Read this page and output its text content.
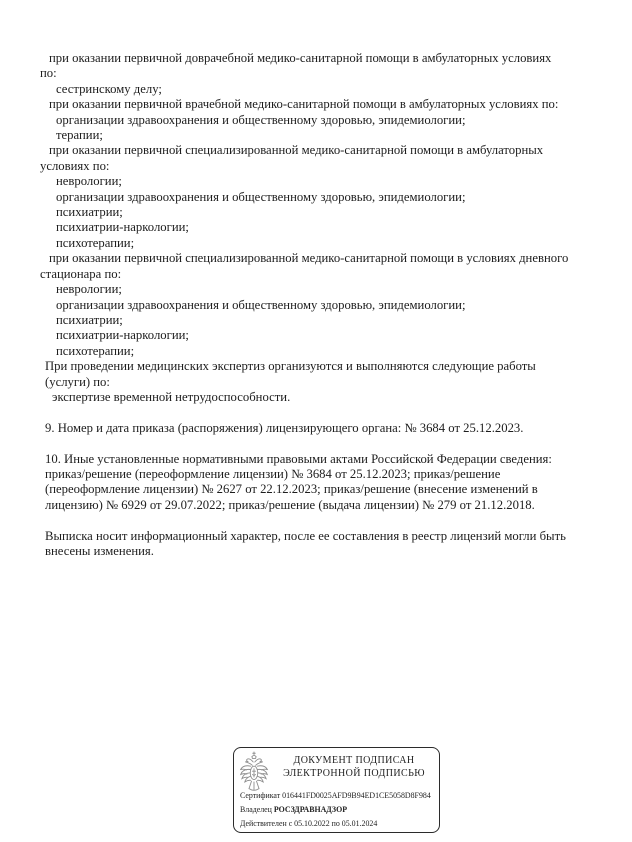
при оказании первичной доврачебной медико-санитарной помощи в амбулаторных условиях
по:
сестринскому делу;
при оказании первичной врачебной медико-санитарной помощи в амбулаторных условиях по:
организации здравоохранения и общественному здоровью, эпидемиологии;
терапии;
при оказании первичной специализированной медико-санитарной помощи в амбулаторных
условиях по:
неврологии;
организации здравоохранения и общественному здоровью, эпидемиологии;
психиатрии;
психиатрии-наркологии;
психотерапии;
при оказании первичной специализированной медико-санитарной помощи в условиях дневного
стационара по:
неврологии;
организации здравоохранения и общественному здоровью, эпидемиологии;
психиатрии;
психиатрии-наркологии;
психотерапии;
При проведении медицинских экспертиз организуются и выполняются следующие работы
(услуги) по:
экспертизе временной нетрудоспособности.
9. Номер и дата приказа (распоряжения) лицензирующего органа: № 3684 от 25.12.2023.
10. Иные установленные нормативными правовыми актами Российской Федерации сведения:
приказ/решение (переоформление лицензии) № 3684 от 25.12.2023; приказ/решение
(переоформление лицензии) № 2627 от 22.12.2023; приказ/решение (внесение изменений в
лицензию) № 6929 от 29.07.2022; приказ/решение (выдача лицензии) № 279 от 21.12.2018.
Выписка носит информационный характер, после ее составления в реестр лицензий могли быть
внесены изменения.
ДОКУМЕНТ ПОДПИСАН
ЭЛЕКТРОННОЙ ПОДПИСЬЮ
Сертификат 016441FD0025AFD9B94ED1CE5058D8F984
Владелец РОСЗДРАВНАДЗОР
Действителен с 05.10.2022 по 05.01.2024
